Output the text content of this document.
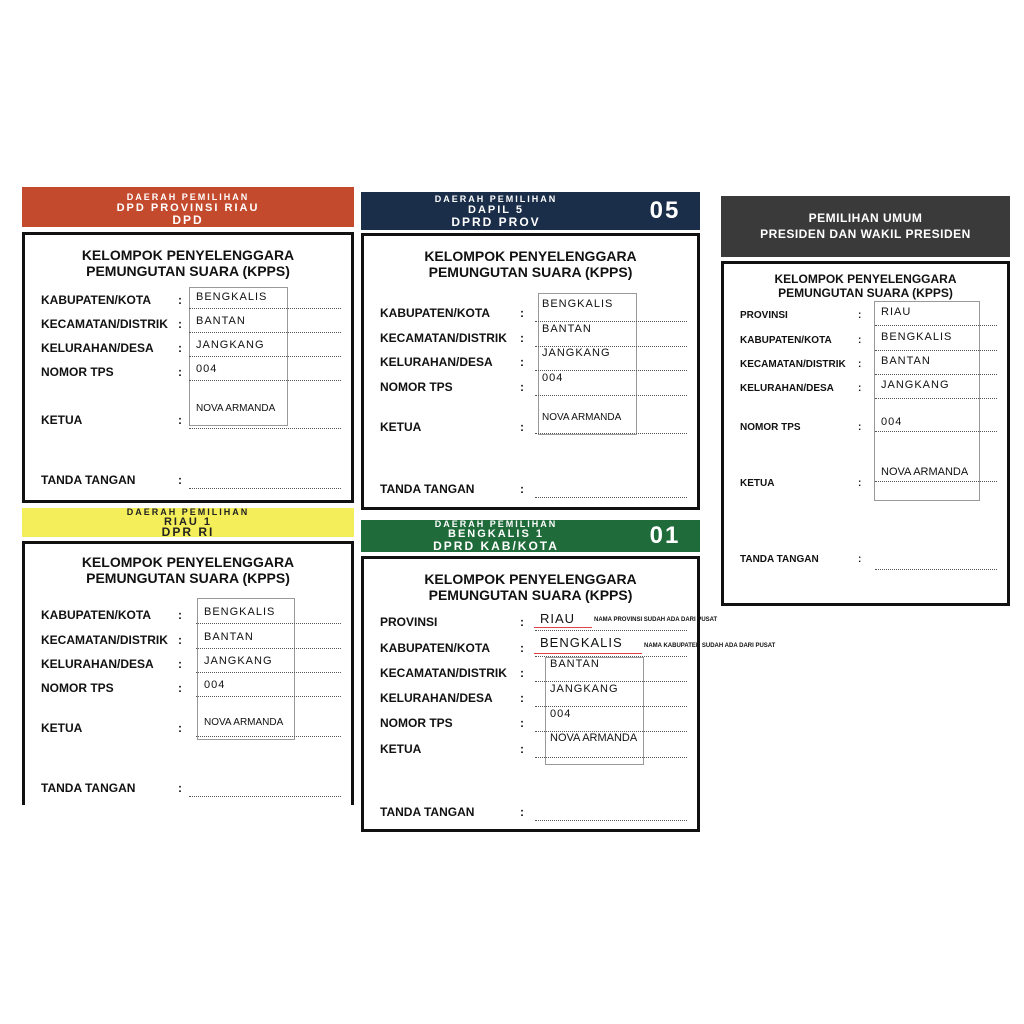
DAERAH PEMILIHAN
DPD PROVINSI RIAU
DPD
KELOMPOK PENYELENGGARA
PEMUNGUTAN SUARA (KPPS)
KABUPATEN/KOTA : BENGKALIS
KECAMATAN/DISTRIK : BANTAN
KELURAHAN/DESA : JANGKANG
NOMOR TPS	: 004
KETUA	:
NOVA ARMANDA
TANDA TANGAN	:
DAERAH PEMILIHAN
DAPIL 5
DPRD PROV	05
KELOMPOK PENYELENGGARA
PEMUNGUTAN SUARA (KPPS)
KABUPATEN/KOTA	:
BENGKALIS
KECAMATAN/DISTRIK :
BANTAN
KELURAHAN/DESA :
JANGKANG
NOMOR TPS	:
004
KETUA	:
NOVA ARMANDA
TANDA TANGAN	:
PEMILIHAN UMUM
PRESIDEN DAN WAKIL PRESIDEN
KELOMPOK PENYELENGGARA
PEMUNGUTAN SUARA (KPPS)
PROVINSI	: RIAU
KABUPATEN/KOTA	: BENGKALIS
KECAMATAN/DISTRIK : BANTAN
KELURAHAN/DESA : JANGKANG
NOMOR TPS	: 004
KETUA	:
NOVA ARMANDA
TANDA TANGAN	:
DAERAH PEMILIHAN
RIAU 1
DPR RI
KELOMPOK PENYELENGGARA
PEMUNGUTAN SUARA (KPPS)
KABUPATEN/KOTA : BENGKALIS
KECAMATAN/DISTRIK : BANTAN
KELURAHAN/DESA : JANGKANG
NOMOR TPS	: 004
KETUA	: NOVA ARMANDA
TANDA TANGAN	:
DAERAH PEMILIHAN
BENGKALIS 1
DPRD KAB/KOTA	01
KELOMPOK PENYELENGGARA
PEMUNGUTAN SUARA (KPPS)
PROVINSI	: RIAU	NAMA PROVINSI SUDAH ADA DARI PUSAT
KABUPATEN/KOTA	: BENGKALIS	NAMA KABUPATEN SUDAH ADA DARI PUSAT
KECAMATAN/DISTRIK :
BANTAN
KELURAHAN/DESA :
JANGKANG
NOMOR TPS	:
004
KETUA	:
NOVA ARMANDA
TANDA TANGAN	:
